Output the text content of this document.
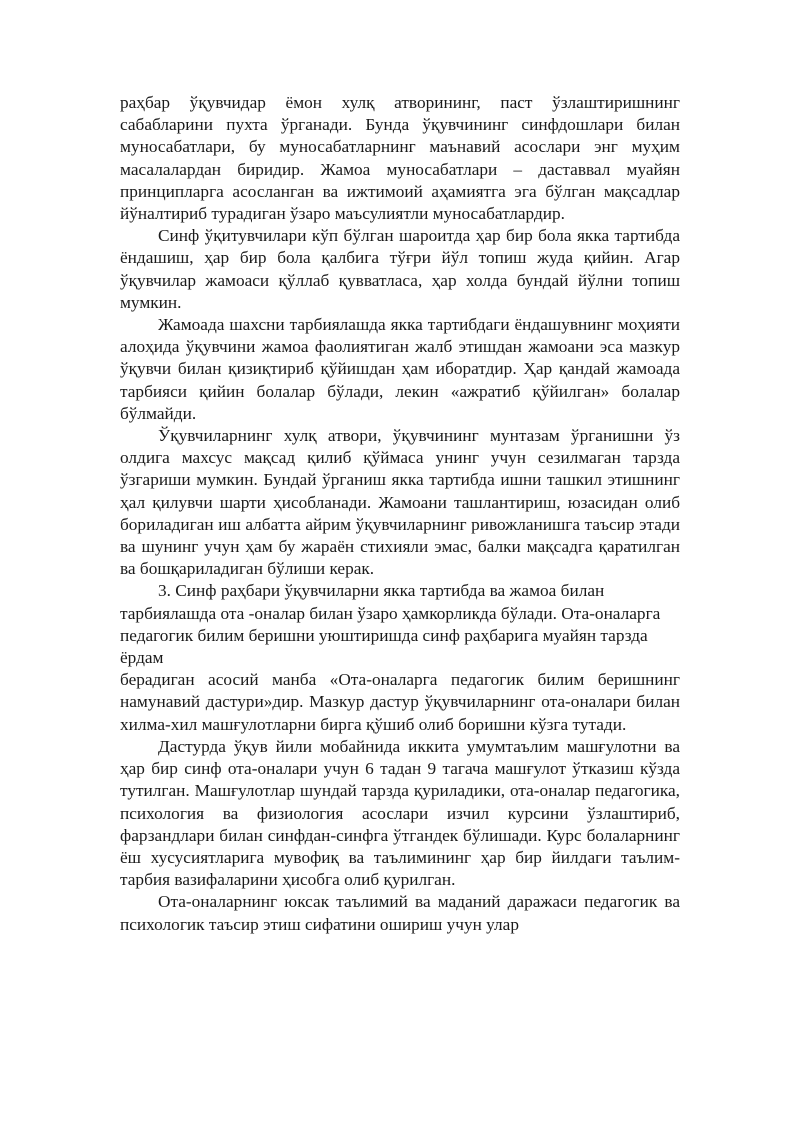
раҳбар ўқувчидар ёмон хулқ атворининг, паст ўзлаштиришнинг сабабларини пухта ўрганади. Бунда ўқувчининг синфдошлари билан муносабатлари, бу муносабатларнинг маънавий асослари энг муҳим масалалардан биридир. Жамоа муносабатлари – даставвал муайян принципларга асосланган ва ижтимоий аҳамиятга эга бўлган мақсадлар йўналтириб турадиган ўзаро маъсулиятли муносабатлардир.

Синф ўқитувчилари кўп бўлган шароитда ҳар бир бола якка тартибда ёндашиш, ҳар бир бола қалбига тўғри йўл топиш жуда қийин. Агар ўқувчилар жамоаси қўллаб қувватласа, ҳар холда бундай йўлни топиш мумкин.

Жамоада шахсни тарбиялашда якка тартибдаги ёндашувнинг моҳияти алоҳида ўқувчини жамоа фаолиятиган жалб этишдан жамоани эса мазкур ўқувчи билан қизиқтириб қўйишдан ҳам иборатдир. Ҳар қандай жамоада тарбияси қийин болалар бўлади, лекин «ажратиб қўйилган» болалар бўлмайди.

Ўқувчиларнинг хулқ атвори, ўқувчининг мунтазам ўрганишни ўз олдига махсус мақсад қилиб қўймаса унинг учун сезилмаган тарзда ўзгариши мумкин. Бундай ўрганиш якка тартибда ишни ташкил этишнинг ҳал қилувчи шарти ҳисобланади. Жамоани ташлантириш, юзасидан олиб бориладиган иш албатта айрим ўқувчиларнинг ривожланишга таъсир этади ва шунинг учун ҳам бу жараён стихияли эмас, балки мақсадга қаратилган ва бошқариладиган бўлиши керак.

3. Синф раҳбари ўқувчиларни якка тартибда ва жамоа билан

тарбиялашда ота -оналар билан ўзаро ҳамкорликда бўлади. Ота-оналарга

педагогик билим беришни уюштиришда синф раҳбарига муайян тарзда ёрдам

берадиган асосий манба «Ота-оналарга педагогик билим беришнинг намунавий дастури»дир. Мазкур дастур ўқувчиларнинг ота-оналари билан хилма-хил машғулотларни бирга қўшиб олиб боришни кўзга тутади.

Дастурда ўқув йили мобайнида иккита умумтаълим машғулотни ва ҳар бир синф ота-оналари учун 6 тадан 9 тагача машғулот ўтказиш кўзда тутилган. Машғулотлар шундай тарзда қуриладики, ота-оналар педагогика, психология ва физиология асослари изчил курсини ўзлаштириб, фарзандлари билан синфдан-синфга ўтгандек бўлишади. Курс болаларнинг ёш хусусиятларига мувофиқ ва таълимининг ҳар бир йилдаги таълим-тарбия вазифаларини ҳисобга олиб қурилган.

Ота-оналарнинг юксак таълимий ва маданий даражаси педагогик ва психологик таъсир этиш сифатини ошириш учун улар
